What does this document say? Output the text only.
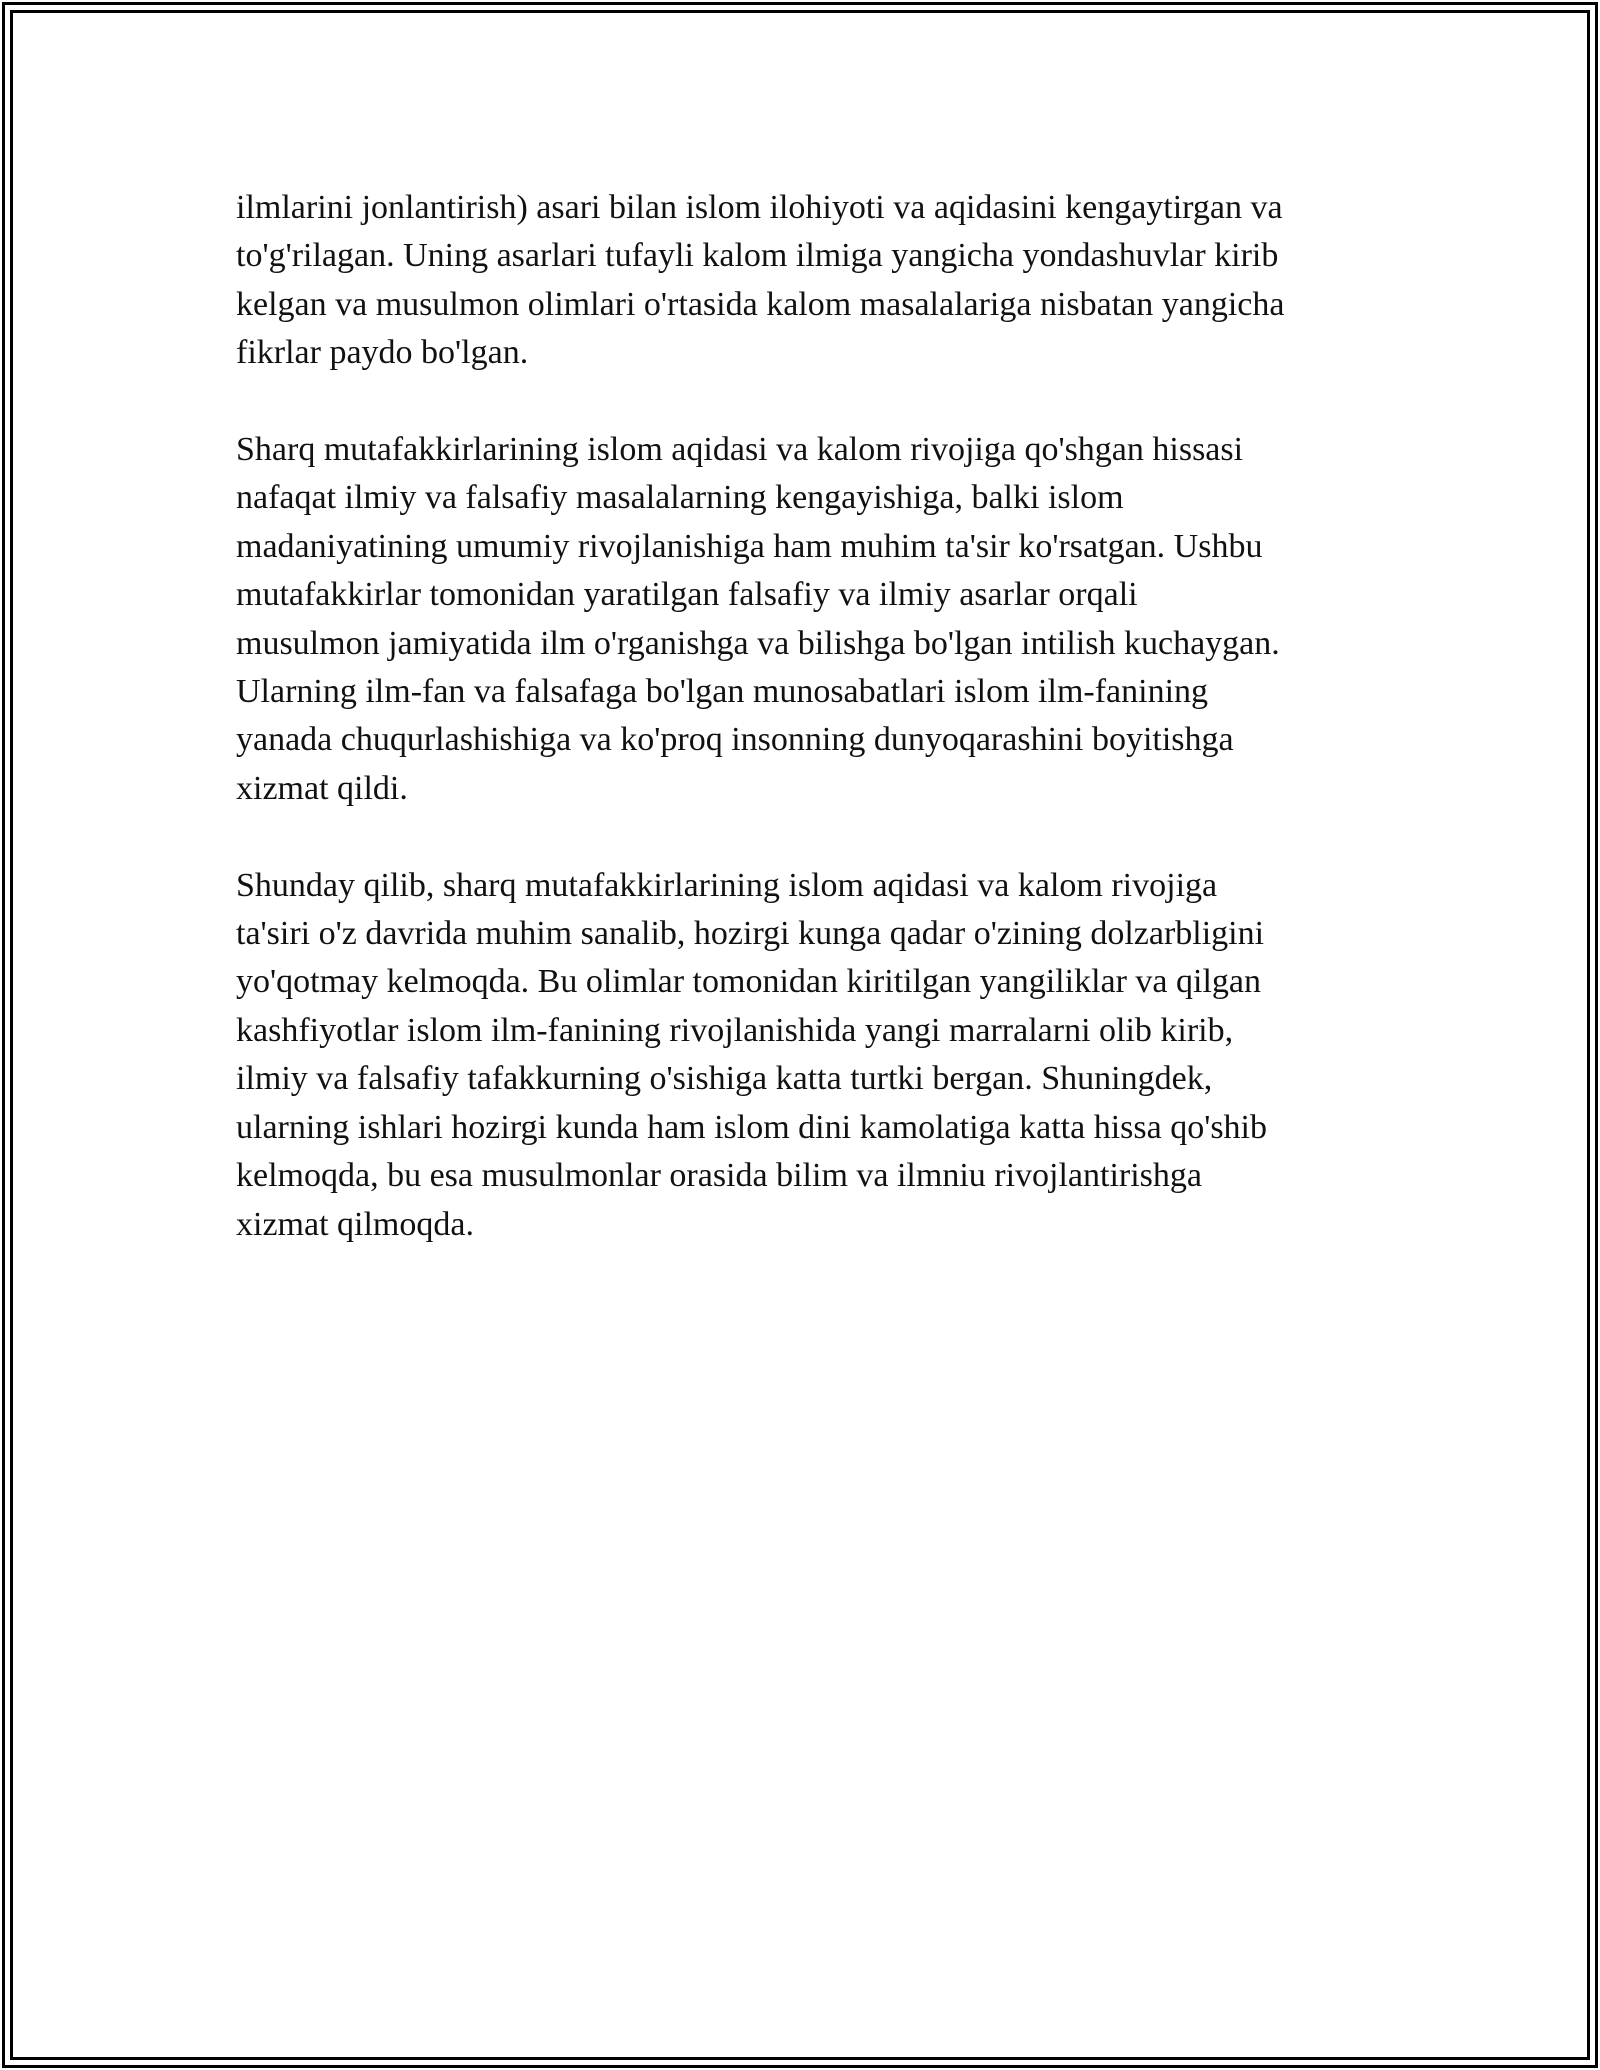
ilmlarini jonlantirish) asari bilan islom ilohiyoti va aqidasini kengaytirgan va
to'g'rilagan. Uning asarlari tufayli kalom ilmiga yangicha yondashuvlar kirib
kelgan va musulmon olimlari o'rtasida kalom masalalariga nisbatan yangicha
fikrlar paydo bo'lgan.

Sharq mutafakkirlarining islom aqidasi va kalom rivojiga qo'shgan hissasi
nafaqat ilmiy va falsafiy masalalarning kengayishiga, balki islom
madaniyatining umumiy rivojlanishiga ham muhim ta'sir ko'rsatgan. Ushbu
mutafakkirlar tomonidan yaratilgan falsafiy va ilmiy asarlar orqali
musulmon jamiyatida ilm o'rganishga va bilishga bo'lgan intilish kuchaygan.
Ularning ilm-fan va falsafaga bo'lgan munosabatlari islom ilm-fanining
yanada chuqurlashishiga va ko'proq insonning dunyoqarashini boyitishga
xizmat qildi.

Shunday qilib, sharq mutafakkirlarining islom aqidasi va kalom rivojiga
ta'siri o'z davrida muhim sanalib, hozirgi kunga qadar o'zining dolzarbligini
yo'qotmay kelmoqda. Bu olimlar tomonidan kiritilgan yangiliklar va qilgan
kashfiyotlar islom ilm-fanining rivojlanishida yangi marralarni olib kirib,
ilmiy va falsafiy tafakkurning o'sishiga katta turtki bergan. Shuningdek,
ularning ishlari hozirgi kunda ham islom dini kamolatiga katta hissa qo'shib
kelmoqda, bu esa musulmonlar orasida bilim va ilmniu rivojlantirishga
xizmat qilmoqda.
